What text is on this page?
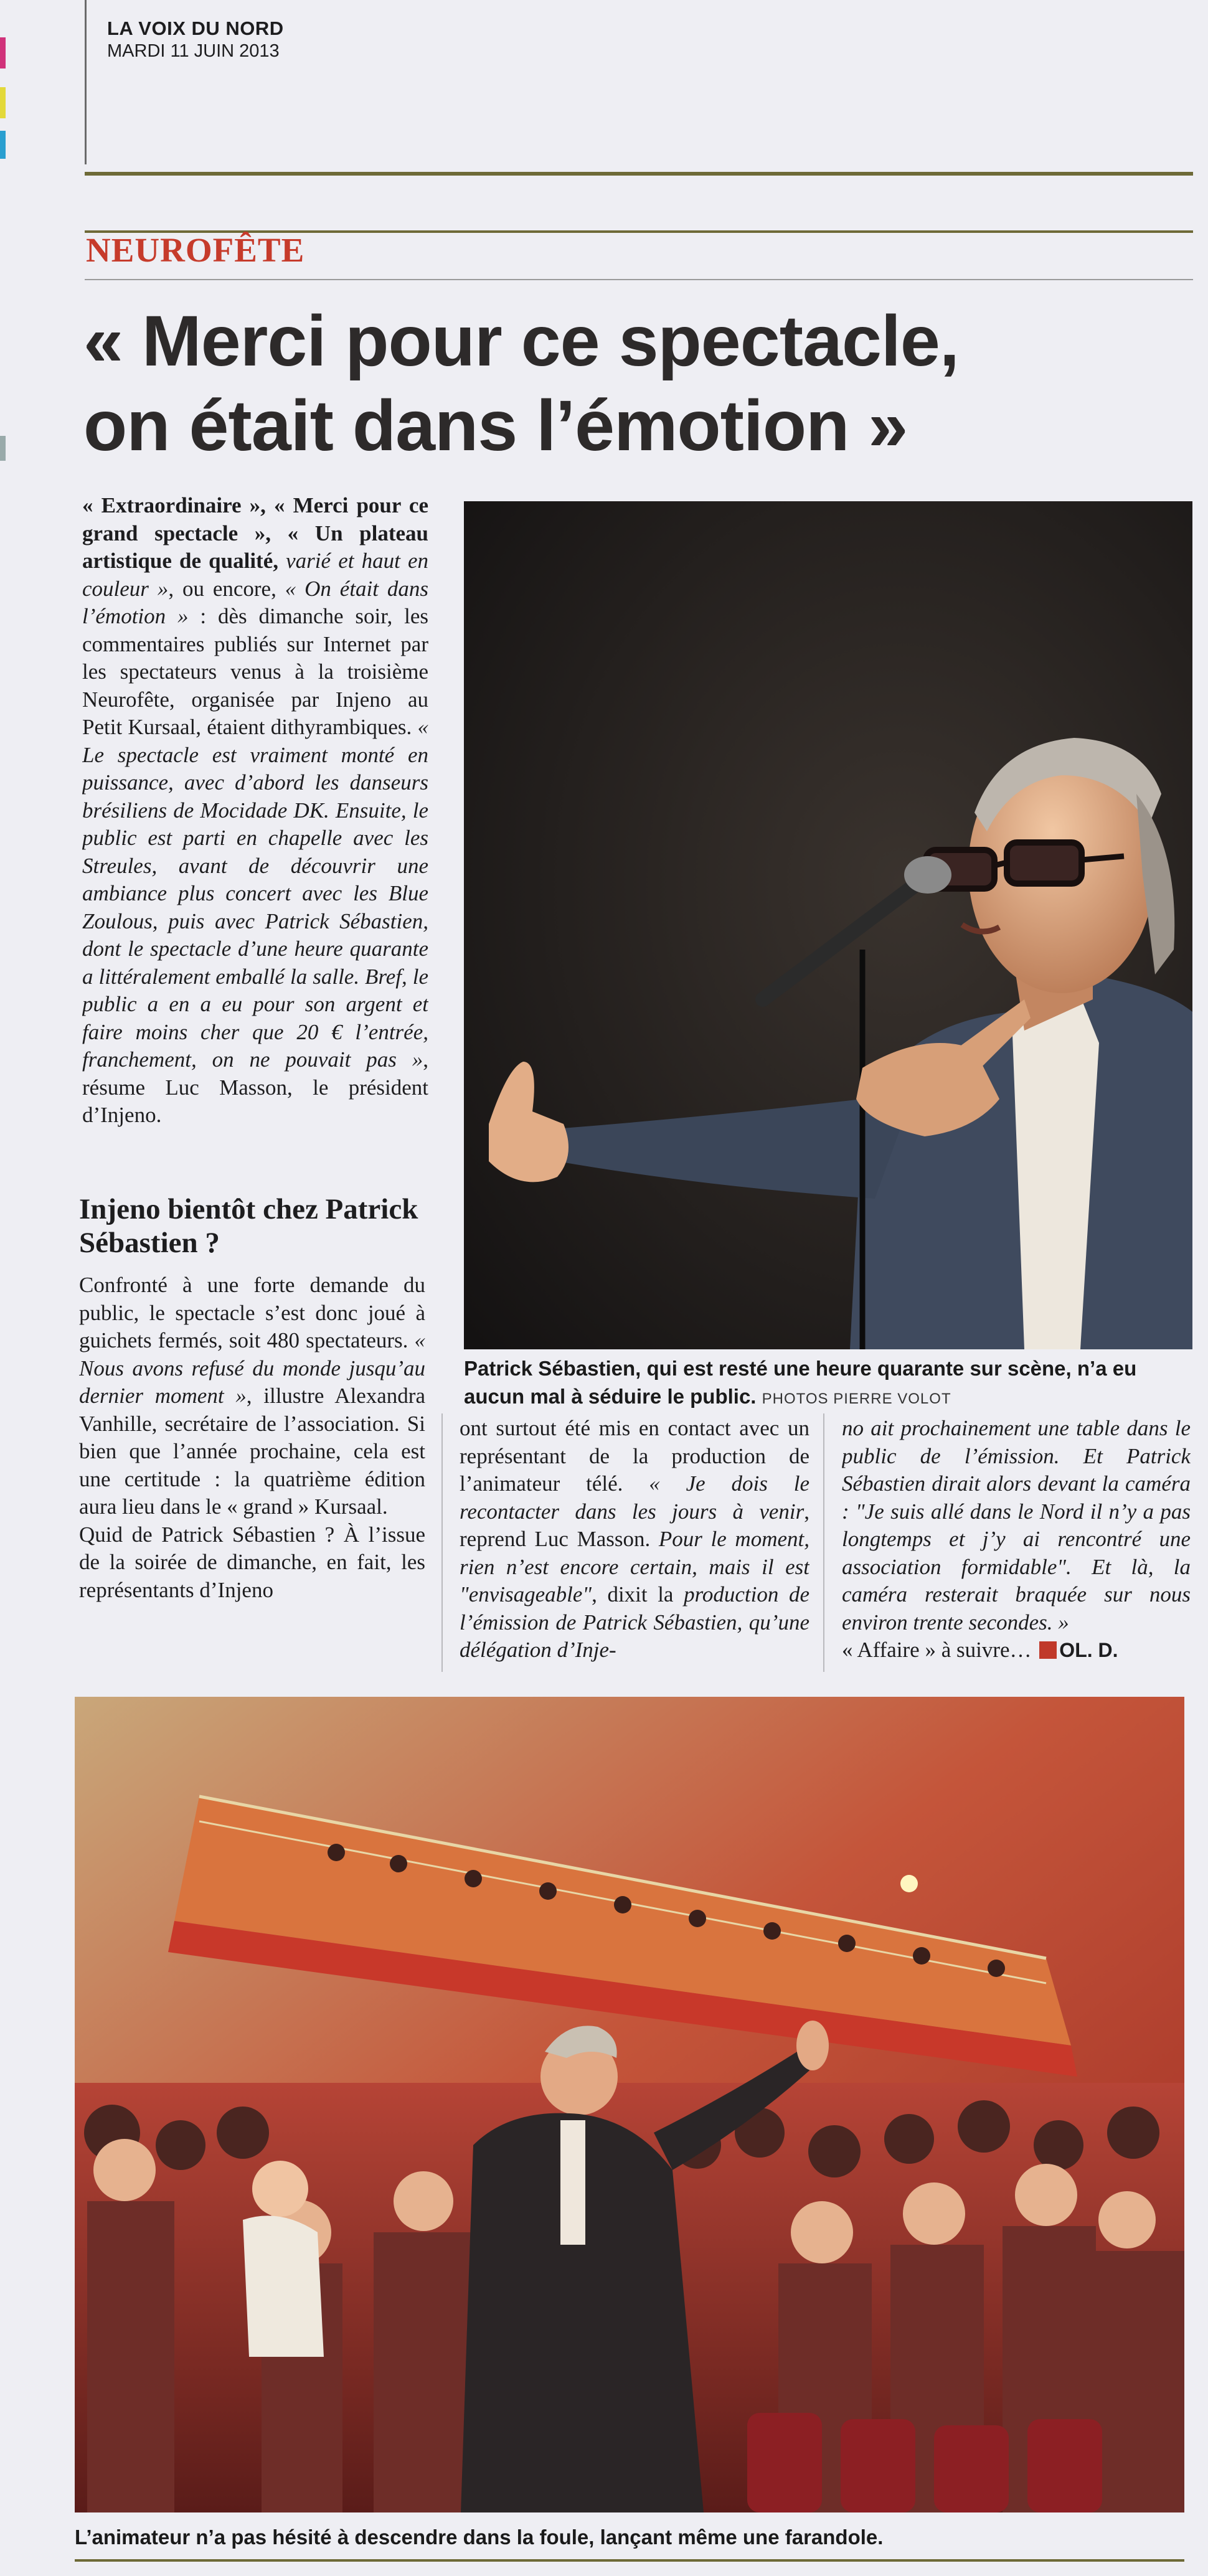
LA VOIX DU NORD
MARDI 11 JUIN 2013
NEUROFÊTE
« Merci pour ce spectacle,
on était dans l’émotion »

« Extraordinaire », « Merci pour ce grand spectacle », « Un plateau artistique de qualité, varié et haut en couleur », ou encore, « On était dans l’émotion » : dès dimanche soir, les commentaires publiés sur Internet par les spectateurs venus à la troisième Neurofête, organisée par Injeno au Petit Kursaal, étaient dithyrambiques. « Le spectacle est vraiment monté en puissance, avec d’abord les danseurs brésiliens de Mocidade DK. Ensuite, le public est parti en chapelle avec les Streules, avant de découvrir une ambiance plus concert avec les Blue Zoulous, puis avec Patrick Sébastien, dont le spectacle d’une heure quarante a littéralement emballé la salle. Bref, le public a en a eu pour son argent et faire moins cher que 20 € l’entrée, franchement, on ne pouvait pas », résume Luc Masson, le président d’Injeno.

Injeno bientôt chez Patrick Sébastien ?

Confronté à une forte demande du public, le spectacle s’est donc joué à guichets fermés, soit 480 spectateurs. « Nous avons refusé du monde jusqu’au dernier moment », illustre Alexandra Vanhille, secrétaire de l’association. Si bien que l’année prochaine, cela est une certitude : la quatrième édition aura lieu dans le « grand » Kursaal.

Quid de Patrick Sébastien ? À l’issue de la soirée de dimanche, en fait, les représentants d’Injeno

Patrick Sébastien, qui est resté une heure quarante sur scène, n’a eu aucun mal à séduire le public. PHOTOS PIERRE VOLOT

ont surtout été mis en contact avec un représentant de la production de l’animateur télé. « Je dois le recontacter dans les jours à venir, reprend Luc Masson. Pour le moment, rien n’est encore certain, mais il est "envisageable", dixit la production de l’émission de Patrick Sébastien, qu’une délégation d’Inje-

no ait prochainement une table dans le public de l’émission. Et Patrick Sébastien dirait alors devant la caméra : "Je suis allé dans le Nord il n’y a pas longtemps et j’y ai rencontré une association formidable". Et là, la caméra resterait braquée sur nous environ trente secondes. »

« Affaire » à suivre… OL. D.

L’animateur n’a pas hésité à descendre dans la foule, lançant même une farandole.
